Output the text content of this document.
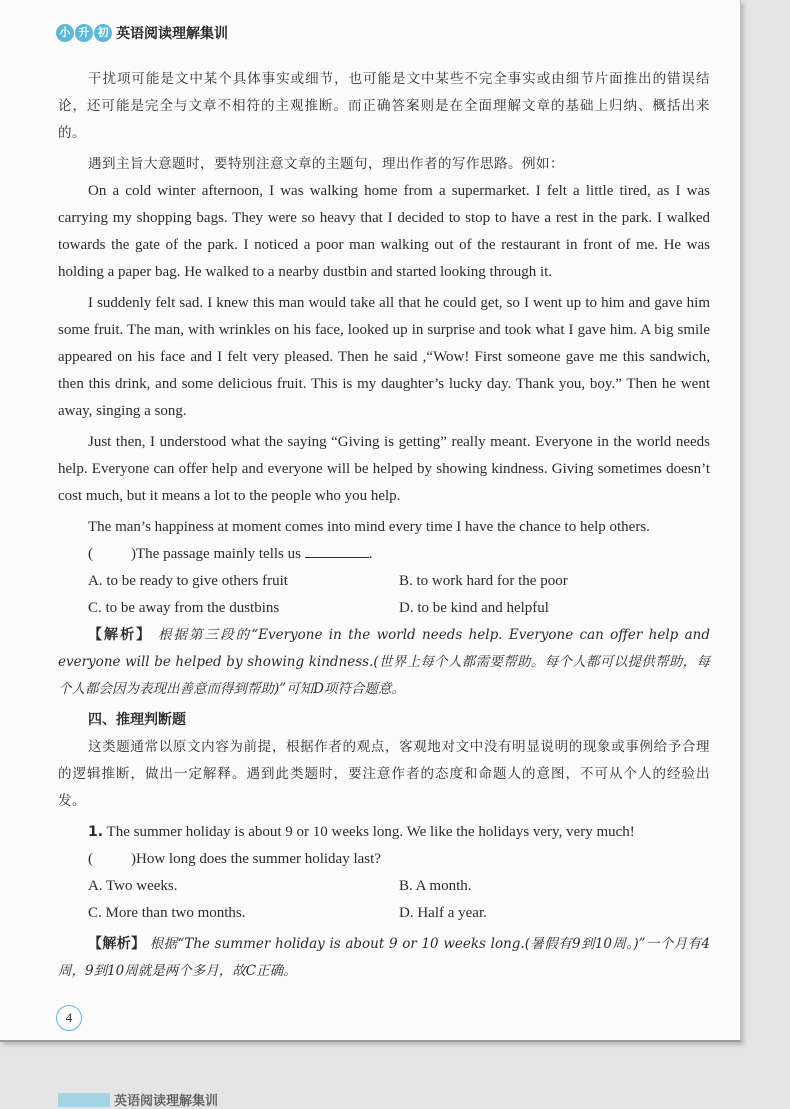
小 升 初 英语阅读理解集训

干扰项可能是文中某个具体事实或细节，也可能是文中某些不完全事实或由细节片面推出的错误结论，还可能是完全与文章不相符的主观推断。而正确答案则是在全面理解文章的基础上归纳、概括出来的。

遇到主旨大意题时，要特别注意文章的主题句，理出作者的写作思路。例如：

On a cold winter afternoon, I was walking home from a supermarket. I felt a little tired, as I was carrying my shopping bags. They were so heavy that I decided to stop to have a rest in the park. I walked towards the gate of the park. I noticed a poor man walking out of the restaurant in front of me. He was holding a paper bag. He walked to a nearby dustbin and started looking through it.

I suddenly felt sad. I knew this man would take all that he could get, so I went up to him and gave him some fruit. The man, with wrinkles on his face, looked up in surprise and took what I gave him. A big smile appeared on his face and I felt very pleased. Then he said ,“Wow! First someone gave me this sandwich, then this drink, and some delicious fruit. This is my daughter’s lucky day. Thank you, boy.” Then he went away, singing a song.

Just then, I understood what the saying “Giving is getting” really meant. Everyone in the world needs help. Everyone can offer help and everyone will be helped by showing kindness. Giving sometimes doesn’t cost much, but it means a lot to the people who you help.

The man’s happiness at moment comes into mind every time I have the chance to help others.

(	)The passage mainly tells us	.

A. to be ready to give others fruit	B. to work hard for the poor
C. to be away from the dustbins	D. to be kind and helpful

【解析】 根据第三段的“Everyone in the world needs help. Everyone can offer help and everyone will be helped by showing kindness.(世界上每个人都需要帮助。每个人都可以提供帮助，每个人都会因为表现出善意而得到帮助)”可知D项符合题意。

四、推理判断题

这类题通常以原文内容为前提，根据作者的观点，客观地对文中没有明显说明的现象或事例给予合理的逻辑推断，做出一定解释。遇到此类题时，要注意作者的态度和命题人的意图，不可从个人的经验出发。

1. The summer holiday is about 9 or 10 weeks long. We like the holidays very, very much!

(	)How long does the summer holiday last?

A. Two weeks.	B. A month.
C. More than two months.	D. Half a year.

【解析】 根据“The summer holiday is about 9 or 10 weeks long.(暑假有9到10周。)”一个月有4周，9到10周就是两个多月，故C正确。

4
英语阅读理解集训
